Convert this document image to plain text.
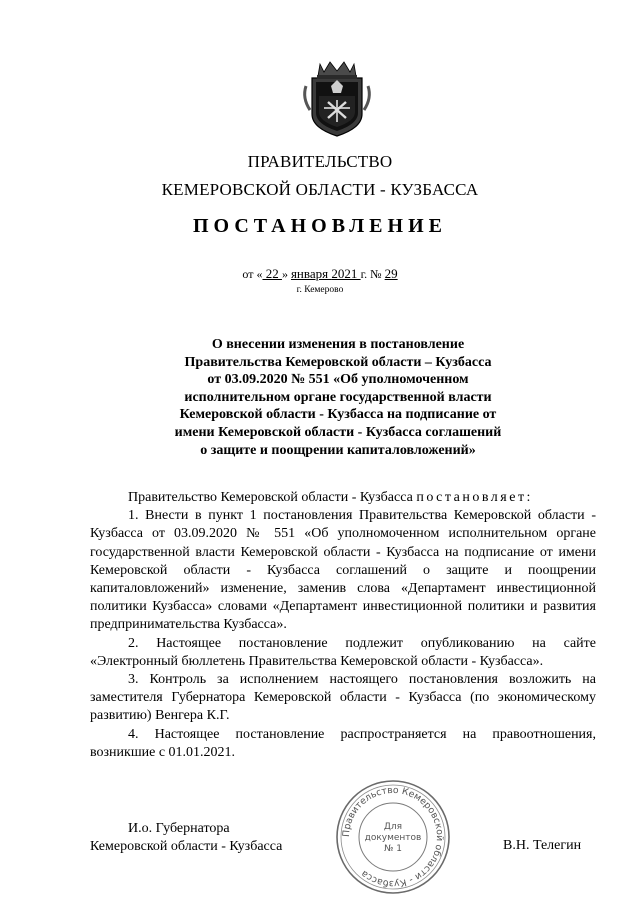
ПРАВИТЕЛЬСТВО
КЕМЕРОВСКОЙ ОБЛАСТИ - КУЗБАССА
ПОСТАНОВЛЕНИЕ
от « 22 » января 2021 г. № 29
г. Кемерово
О внесении изменения в постановление
Правительства Кемеровской области – Кузбасса
от 03.09.2020 № 551 «Об уполномоченном
исполнительном органе государственной власти
Кемеровской области - Кузбасса на подписание от
имени Кемеровской области - Кузбасса соглашений
о защите и поощрении капиталовложений»

Правительство Кемеровской области - Кузбасса постановляет:

1. Внести в пункт 1 постановления Правительства Кемеровской области - Кузбасса от 03.09.2020 № 551 «Об уполномоченном исполнительном органе государственной власти Кемеровской области - Кузбасса на подписание от имени Кемеровской области - Кузбасса соглашений о защите и поощрении капиталовложений» изменение, заменив слова «Департамент инвестиционной политики Кузбасса» словами «Департамент инвестиционной политики и развития предпринимательства Кузбасса».

2. Настоящее постановление подлежит опубликованию на сайте «Электронный бюллетень Правительства Кемеровской области - Кузбасса».

3. Контроль за исполнением настоящего постановления возложить на заместителя Губернатора Кемеровской области - Кузбасса (по экономическому развитию) Венгера К.Г.

4. Настоящее постановление распространяется на правоотношения, возникшие с 01.01.2021.

И.о. Губернатора
Кемеровской области - Кузбасса	В.Н. Телегин
Правительство Кемеровской области - Кузбасса
Для
документов
№ 1
